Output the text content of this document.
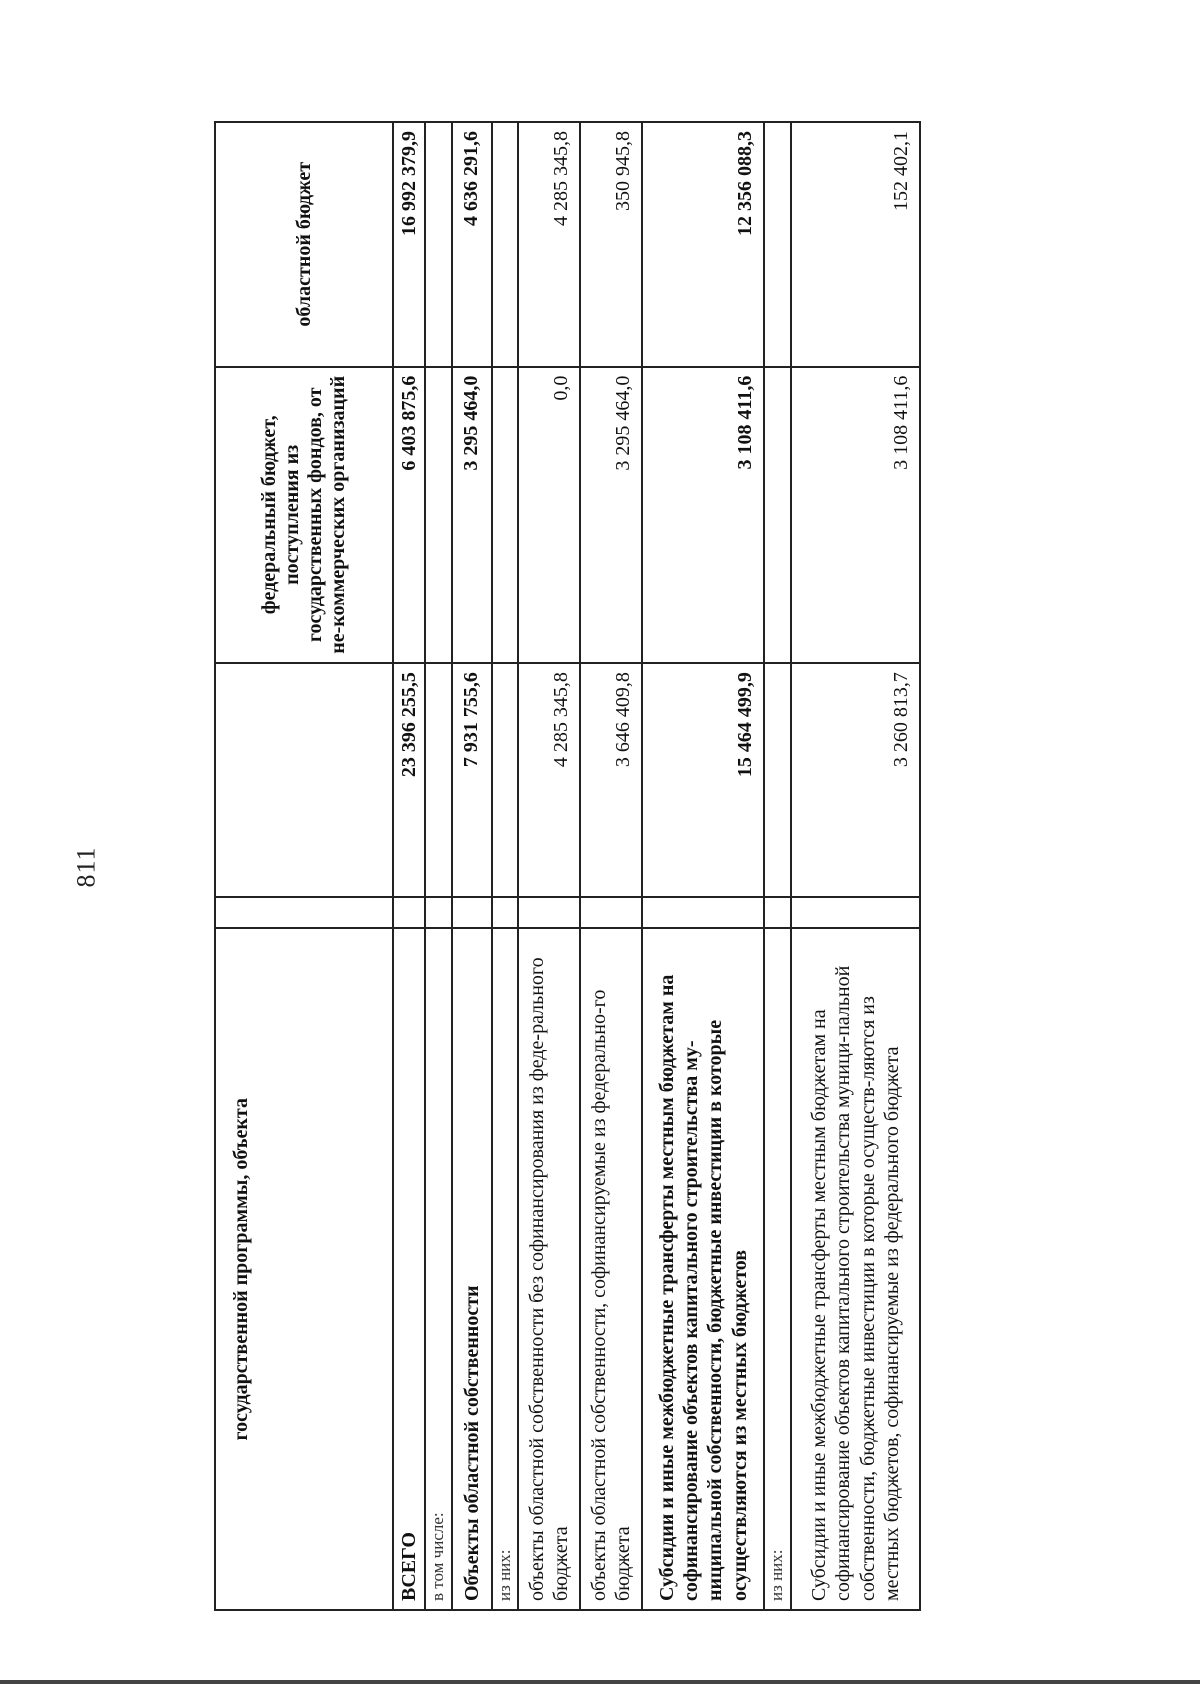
811
государственной программы, объекта			федеральный бюджет, поступления из государственных фондов, от не-коммерческих организаций	областной бюджет
ВСЕГО		23 396 255,5	6 403 875,6	16 992 379,9
в том числе:				
Объекты областной собственности		7 931 755,6	3 295 464,0	4 636 291,6
из них:				
объекты областной собственности без софинансирования из феде-рального бюджета		4 285 345,8	0,0	4 285 345,8
объекты областной собственности, софинансируемые из федерально-го бюджета		3 646 409,8	3 295 464,0	350 945,8
Субсидии и иные межбюджетные трансферты местным бюджетам на софинансирование объектов капитального строительства му-ниципальной собственности, бюджетные инвестиции в которые осуществляются из местных бюджетов		15 464 499,9	3 108 411,6	12 356 088,3
из них:				
Субсидии и иные межбюджетные трансферты местным бюджетам на софинансирование объектов капитального строительства муници-пальной собственности, бюджетные инвестиции в которые осуществ-ляются из местных бюджетов, софинансируемые из федерального бюджета		3 260 813,7	3 108 411,6	152 402,1
